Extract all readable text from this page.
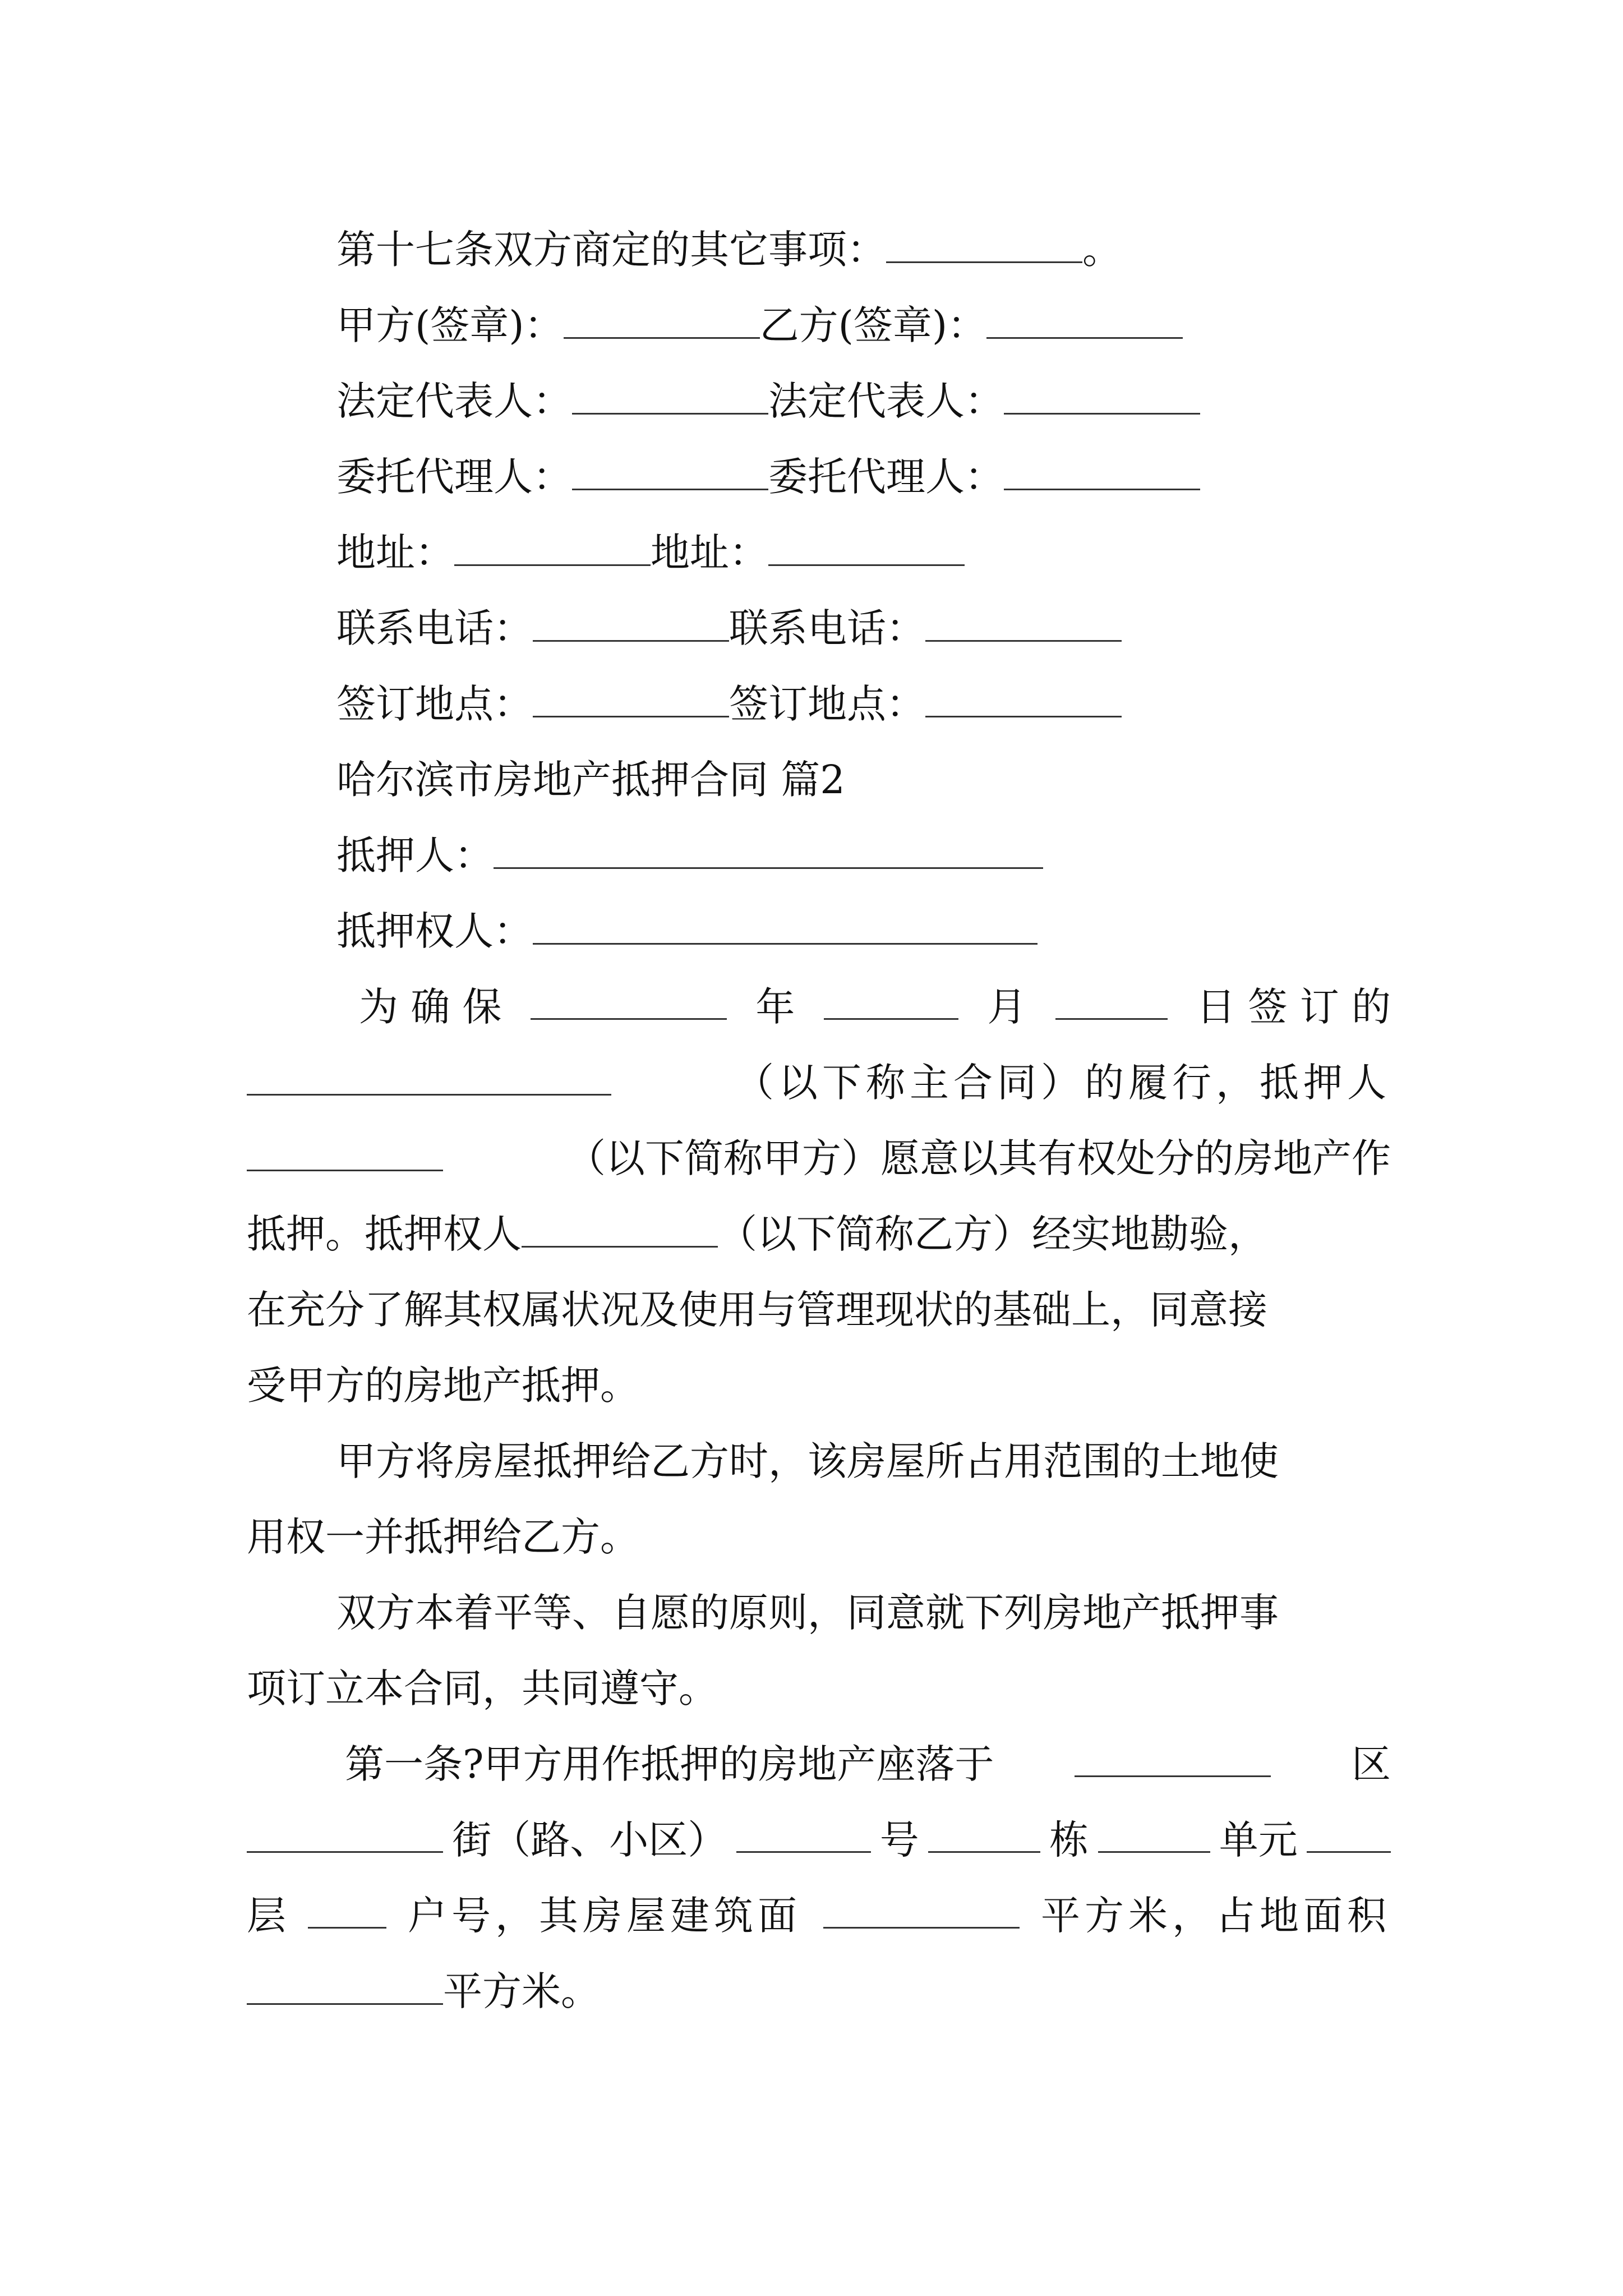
第十七条双方商定的其它事项：	。
甲方(签章)：	乙方(签章)：
法定代表人：	法定代表人：
委托代理人：	委托代理人：
地址：	地址：
联系电话：	联系电话：
签订地点：	签订地点：
哈尔滨市房地产抵押合同 篇2
抵押人：
抵押权人：
为 确 保	年	月	日 签 订 的
（以下称主合同）的履行，抵押人
（以下简称甲方）愿意以其有权处分的房地产作
抵押。抵押权人	（以下简称乙方）经实地勘验，
在充分了解其权属状况及使用与管理现状的基础上，同意接
受甲方的房地产抵押。
甲方将房屋抵押给乙方时，该房屋所占用范围的土地使
用权一并抵押给乙方。
双方本着平等、自愿的原则，同意就下列房地产抵押事
项订立本合同，共同遵守。
第一条?甲方用作抵押的房地产座落于	区
街（路、小区）	号	栋	单元
层	户号，其房屋建筑面	平方米，占地面积
平方米。
